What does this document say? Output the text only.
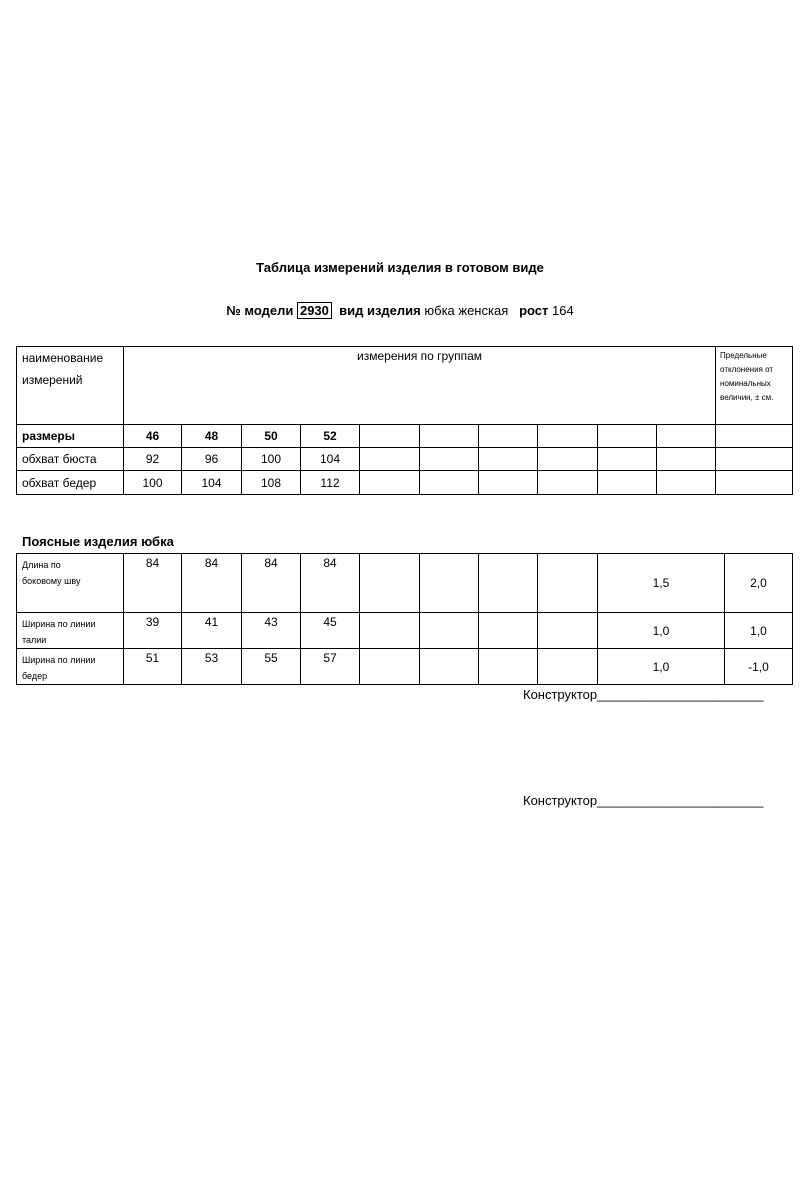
Таблица измерений изделия в готовом виде
№ модели 2930 вид изделия юбка женская рост 164
наименование
измерений	измерения по группам										Предельные отклонения от номинальных величин, ± см.
размеры	46	48	50	52							
обхват бюста	92	96	100	104							
обхват бедер	100	104	108	112							
Поясные изделия юбка
Длина по
боковому шву	84	84	84	84					1,5	2,0

Ширина по линии
талии	39	41	43	45					1,0	1,0

Ширина по линии
бедер	51	53	55	57					1,0	-1,0
Конструктор_______________________
Конструктор_______________________
